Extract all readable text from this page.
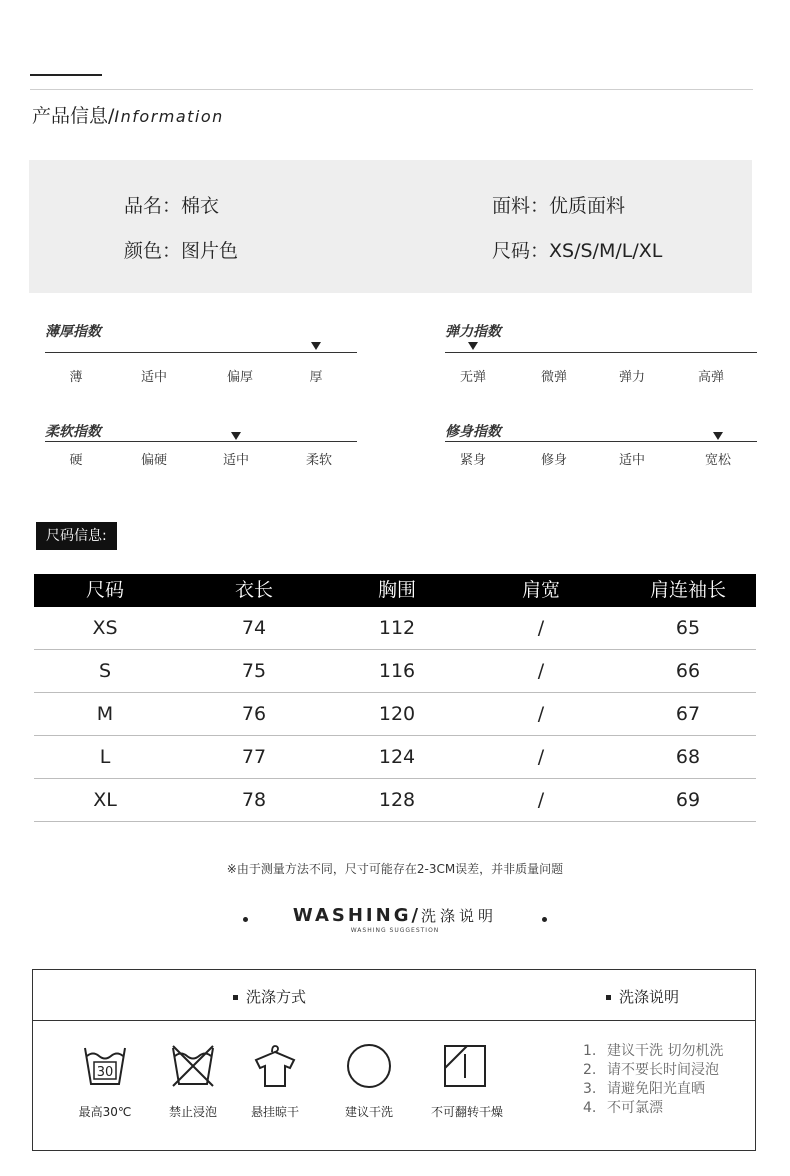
产品信息/Information
品名：棉衣	面料：优质面料
颜色：图片色	尺码：XS/S/M/L/XL
薄厚指数
薄	适中	偏厚	厚
弹力指数
无弹	微弹	弹力	高弹
柔软指数
硬	偏硬	适中	柔软
修身指数
紧身	修身	适中	宽松
尺码信息:
尺码	衣长	胸围	肩宽	肩连袖长
XS	74	112	/	65
S	75	116	/	66
M	76	120	/	67
L	77	124	/	68
XL	78	128	/	69
※由于测量方法不同，尺寸可能存在2-3CM误差，并非质量问题

WASHING/洗涤说明
WASHING SUGGESTION

洗涤方式	洗涤说明
30
最高30℃	禁止浸泡	悬挂晾干	建议干洗	不可翻转干燥
1. 建议干洗 切勿机洗
2. 请不要长时间浸泡
3. 请避免阳光直晒
4. 不可氯漂
